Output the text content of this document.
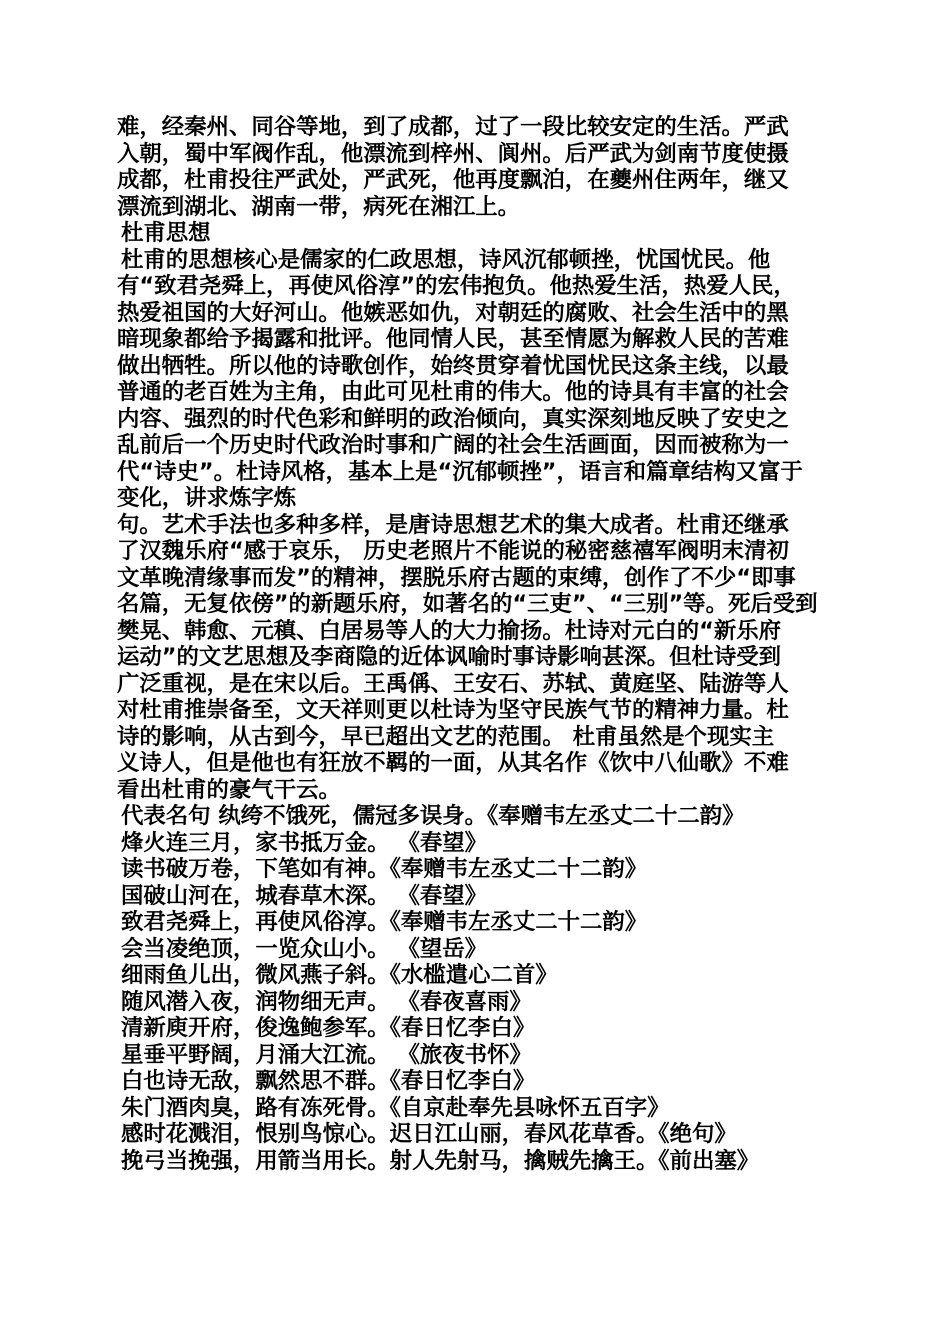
难，经秦州、同谷等地，到了成都，过了一段比较安定的生活。严武
入朝，蜀中军阀作乱，他漂流到梓州、阆州。后严武为剑南节度使摄
成都，杜甫投往严武处，严武死，他再度飘泊，在夔州住两年，继又
漂流到湖北、湖南一带，病死在湘江上。
杜甫思想
杜甫的思想核心是儒家的仁政思想，诗风沉郁顿挫，忧国忧民。他
有“致君尧舜上，再使风俗淳”的宏伟抱负。他热爱生活，热爱人民，
热爱祖国的大好河山。他嫉恶如仇，对朝廷的腐败、社会生活中的黑
暗现象都给予揭露和批评。他同情人民，甚至情愿为解救人民的苦难
做出牺牲。所以他的诗歌创作，始终贯穿着忧国忧民这条主线，以最
普通的老百姓为主角，由此可见杜甫的伟大。他的诗具有丰富的社会
内容、强烈的时代色彩和鲜明的政治倾向，真实深刻地反映了安史之
乱前后一个历史时代政治时事和广阔的社会生活画面，因而被称为一
代“诗史”。杜诗风格，基本上是“沉郁顿挫”，语言和篇章结构又富于
变化，讲求炼字炼
句。艺术手法也多种多样，是唐诗思想艺术的集大成者。杜甫还继承
了汉魏乐府“感于哀乐， 历史老照片不能说的秘密慈禧军阀明末清初
文革晚清缘事而发”的精神，摆脱乐府古题的束缚，创作了不少“即事
名篇，无复依傍”的新题乐府，如著名的“三吏”、“三别”等。死后受到
樊晃、韩愈、元稹、白居易等人的大力揄扬。杜诗对元白的“新乐府
运动”的文艺思想及李商隐的近体讽喻时事诗影响甚深。但杜诗受到
广泛重视，是在宋以后。王禹偁、王安石、苏轼、黄庭坚、陆游等人
对杜甫推崇备至，文天祥则更以杜诗为坚守民族气节的精神力量。杜
诗的影响，从古到今，早已超出文艺的范围。 杜甫虽然是个现实主
义诗人，但是他也有狂放不羁的一面，从其名作《饮中八仙歌》不难
看出杜甫的豪气干云。
代表名句 纨绔不饿死，儒冠多误身。《奉赠韦左丞丈二十二韵》
烽火连三月，家书抵万金。 《春望》
读书破万卷，下笔如有神。《奉赠韦左丞丈二十二韵》
国破山河在，城春草木深。 《春望》
致君尧舜上，再使风俗淳。《奉赠韦左丞丈二十二韵》
会当凌绝顶，一览众山小。 《望岳》
细雨鱼儿出，微风燕子斜。《水槛遣心二首》
随风潜入夜，润物细无声。 《春夜喜雨》
清新庾开府，俊逸鲍参军。《春日忆李白》
星垂平野阔，月涌大江流。 《旅夜书怀》
白也诗无敌，飘然思不群。《春日忆李白》
朱门酒肉臭，路有冻死骨。《自京赴奉先县咏怀五百字》
感时花溅泪，恨别鸟惊心。迟日江山丽，春风花草香。《绝句》
挽弓当挽强，用箭当用长。射人先射马，擒贼先擒王。《前出塞》
